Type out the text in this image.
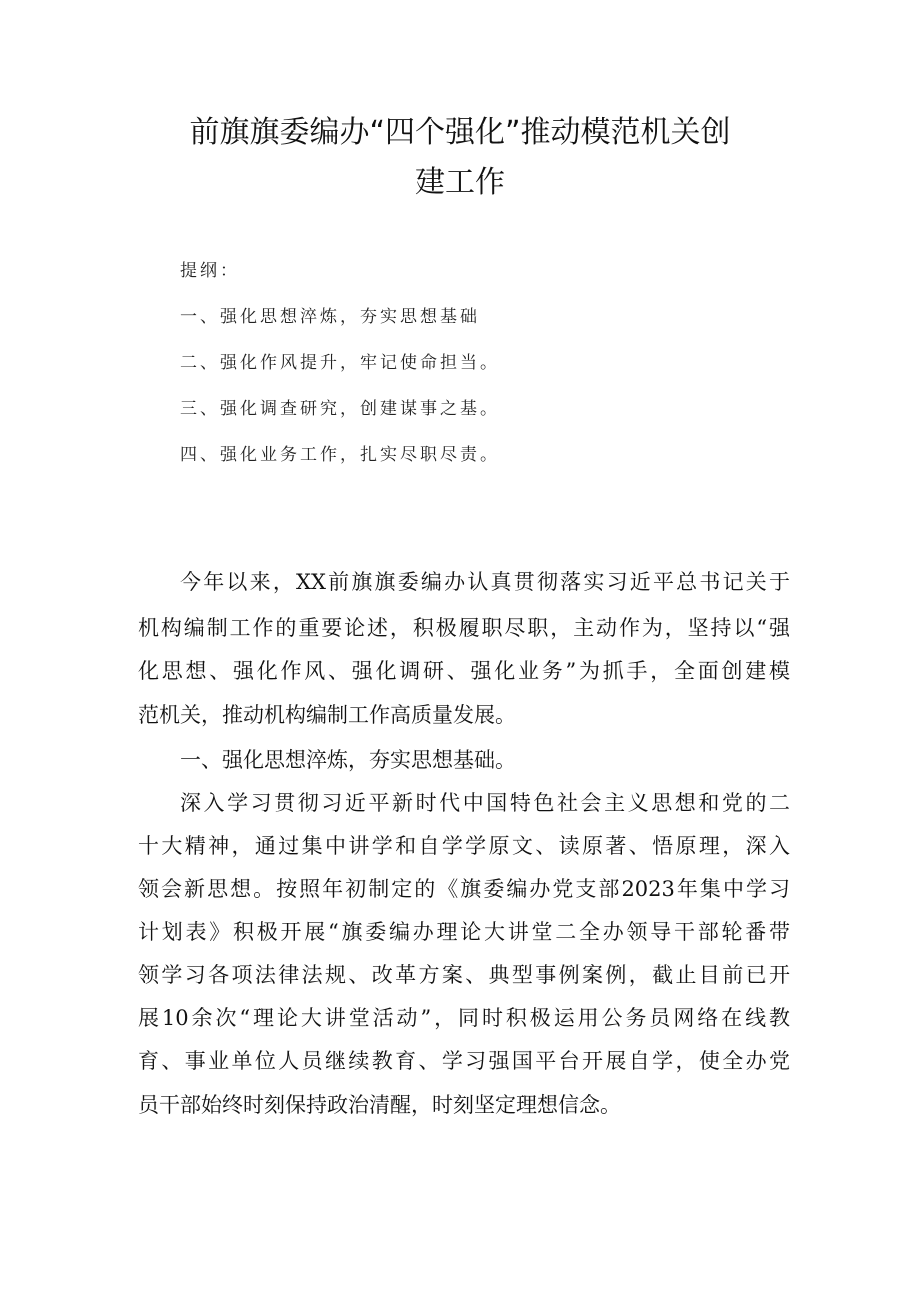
前旗旗委编办“四个强化”推动模范机关创
建工作
提纲：
一、强化思想淬炼，夯实思想基础
二、强化作风提升，牢记使命担当。
三、强化调查研究，创建谋事之基。
四、强化业务工作，扎实尽职尽责。
今年以来，XX前旗旗委编办认真贯彻落实习近平总书记关于
机构编制工作的重要论述，积极履职尽职，主动作为，坚持以“强
化思想、强化作风、强化调研、强化业务”为抓手，全面创建模
范机关，推动机构编制工作高质量发展。
一、强化思想淬炼，夯实思想基础。
深入学习贯彻习近平新时代中国特色社会主义思想和党的二
十大精神，通过集中讲学和自学学原文、读原著、悟原理，深入
领会新思想。按照年初制定的《旗委编办党支部2023年集中学习
计划表》积极开展“旗委编办理论大讲堂二全办领导干部轮番带
领学习各项法律法规、改革方案、典型事例案例，截止目前已开
展10余次“理论大讲堂活动”，同时积极运用公务员网络在线教
育、事业单位人员继续教育、学习强国平台开展自学，使全办党
员干部始终时刻保持政治清醒，时刻坚定理想信念。
